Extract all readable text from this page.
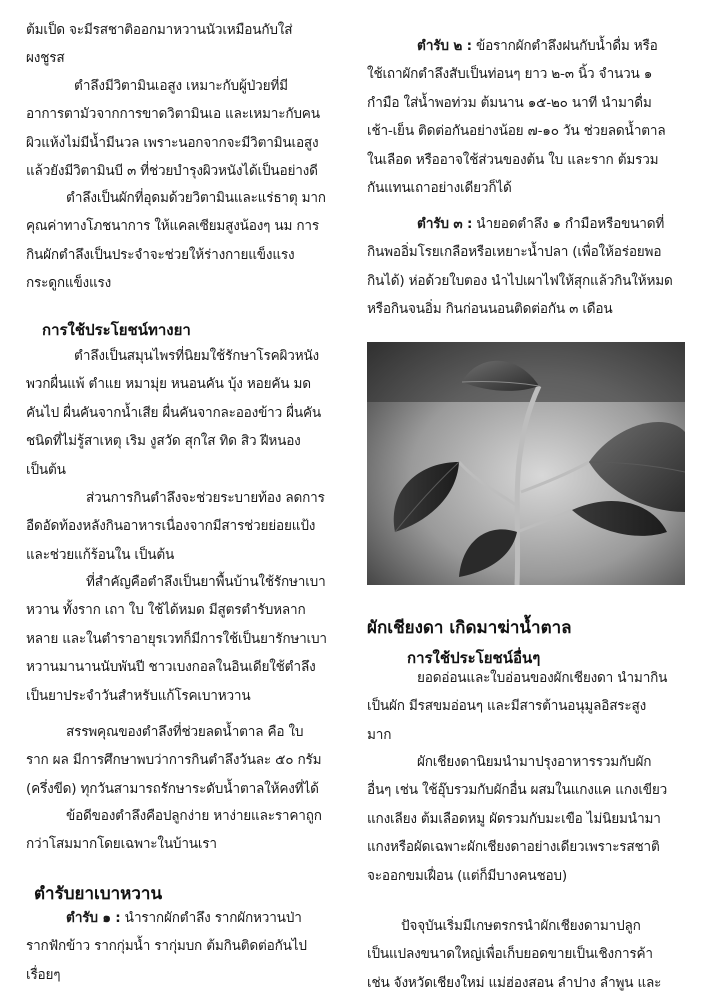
ต้มเป็ด จะมีรสชาติออกมาหวานนัวเหมือนกับใส่
ผงชูรส

ตำลึงมีวิตามินเอสูง เหมาะกับผู้ป่วยที่มี
อาการตามัวจากการขาดวิตามินเอ และเหมาะกับคน
ผิวแห้งไม่มีน้ำมีนวล เพราะนอกจากจะมีวิตามินเอสูง
แล้วยังมีวิตามินบี ๓ ที่ช่วยบำรุงผิวหนังได้เป็นอย่างดี

ตำลึงเป็นผักที่อุดมด้วยวิตามินและแร่ธาตุ มาก
คุณค่าทางโภชนาการ ให้แคลเซียมสูงน้องๆ นม การ
กินผักตำลึงเป็นประจำจะช่วยให้ร่างกายแข็งแรง
กระดูกแข็งแรง

การใช้ประโยชน์ทางยา

ตำลึงเป็นสมุนไพรที่นิยมใช้รักษาโรคผิวหนัง
พวกผื่นแพ้ ตำแย หมามุ่ย หนอนคัน บุ้ง หอยคัน มด
คันไป ผื่นคันจากน้ำเสีย ผื่นคันจากละอองข้าว ผื่นคัน
ชนิดที่ไม่รู้สาเหตุ เริม งูสวัด สุกใส ทิด สิว ฝีหนอง
เป็นต้น

ส่วนการกินตำลึงจะช่วยระบายท้อง ลดการ
อืดอัดท้องหลังกินอาหารเนื่องจากมีสารช่วยย่อยแป้ง
และช่วยแก้ร้อนใน เป็นต้น

ที่สำคัญคือตำลึงเป็นยาพื้นบ้านใช้รักษาเบา
หวาน ทั้งราก เถา ใบ ใช้ได้หมด มีสูตรตำรับหลาก
หลาย และในตำราอายุรเวทก็มีการใช้เป็นยารักษาเบา
หวานมานานนับพันปี ชาวเบงกอลในอินเดียใช้ตำลึง
เป็นยาประจำวันสำหรับแก้โรคเบาหวาน

สรรพคุณของตำลึงที่ช่วยลดน้ำตาล คือ ใบ
ราก ผล มีการศึกษาพบว่าการกินตำลึงวันละ ๕๐ กรัม
(ครึ่งขีด) ทุกวันสามารถรักษาระดับน้ำตาลให้คงที่ได้

ข้อดีของตำลึงคือปลูกง่าย หาง่ายและราคาถูก
กว่าโสมมากโดยเฉพาะในบ้านเรา

ตำรับยาเบาหวาน

ตำรับ ๑ : นำรากผักตำลึง รากผักหวานป่า
รากฟักข้าว รากกุ่มน้ำ รากุ่มบก ต้มกินติดต่อกันไป
เรื่อยๆ

ตำรับ ๒ : ข้อรากผักตำลึงฝนกับน้ำดื่ม หรือ
ใช้เถาผักตำลึงสับเป็นท่อนๆ ยาว ๒-๓ นิ้ว จำนวน ๑
กำมือ ใส่น้ำพอท่วม ต้มนาน ๑๕-๒๐ นาที นำมาดื่ม
เช้า-เย็น ติดต่อกันอย่างน้อย ๗-๑๐ วัน ช่วยลดน้ำตาล
ในเลือด หรืออาจใช้ส่วนของต้น ใบ และราก ต้มรวม
กันแทนเถาอย่างเดียวก็ได้

ตำรับ ๓ : นำยอดตำลึง ๑ กำมือหรือขนาดที่
กินพออิ่มโรยเกลือหรือเหยาะน้ำปลา (เพื่อให้อร่อยพอ
กินได้) ห่อด้วยใบตอง นำไปเผาไฟให้สุกแล้วกินให้หมด
หรือกินจนอิ่ม กินก่อนนอนติดต่อกัน ๓ เดือน

ผักเชียงดา เกิดมาฆ่าน้ำตาล
การใช้ประโยชน์อื่นๆ

ยอดอ่อนและใบอ่อนของผักเชียงดา นำมากิน
เป็นผัก มีรสขมอ่อนๆ และมีสารต้านอนุมูลอิสระสูง
มาก

ผักเชียงดานิยมนำมาปรุงอาหารรวมกับผัก
อื่นๆ เช่น ใช้อุ๊บรวมกับผักอื่น ผสมในแกงแค แกงเขียว
แกงเลียง ต้มเลือดหมู ผัดรวมกับมะเขือ ไม่นิยมนำมา
แกงหรือผัดเฉพาะผักเชียงดาอย่างเดียวเพราะรสชาติ
จะออกขมเฝื่อน (แต่ก็มีบางคนชอบ)

ปัจจุบันเริ่มมีเกษตรกรนำผักเชียงดามาปลูก
เป็นแปลงขนาดใหญ่เพื่อเก็บยอดขายเป็นเชิงการค้า
เช่น จังหวัดเชียงใหม่ แม่ฮ่องสอน ลำปาง ลำพูน และ
